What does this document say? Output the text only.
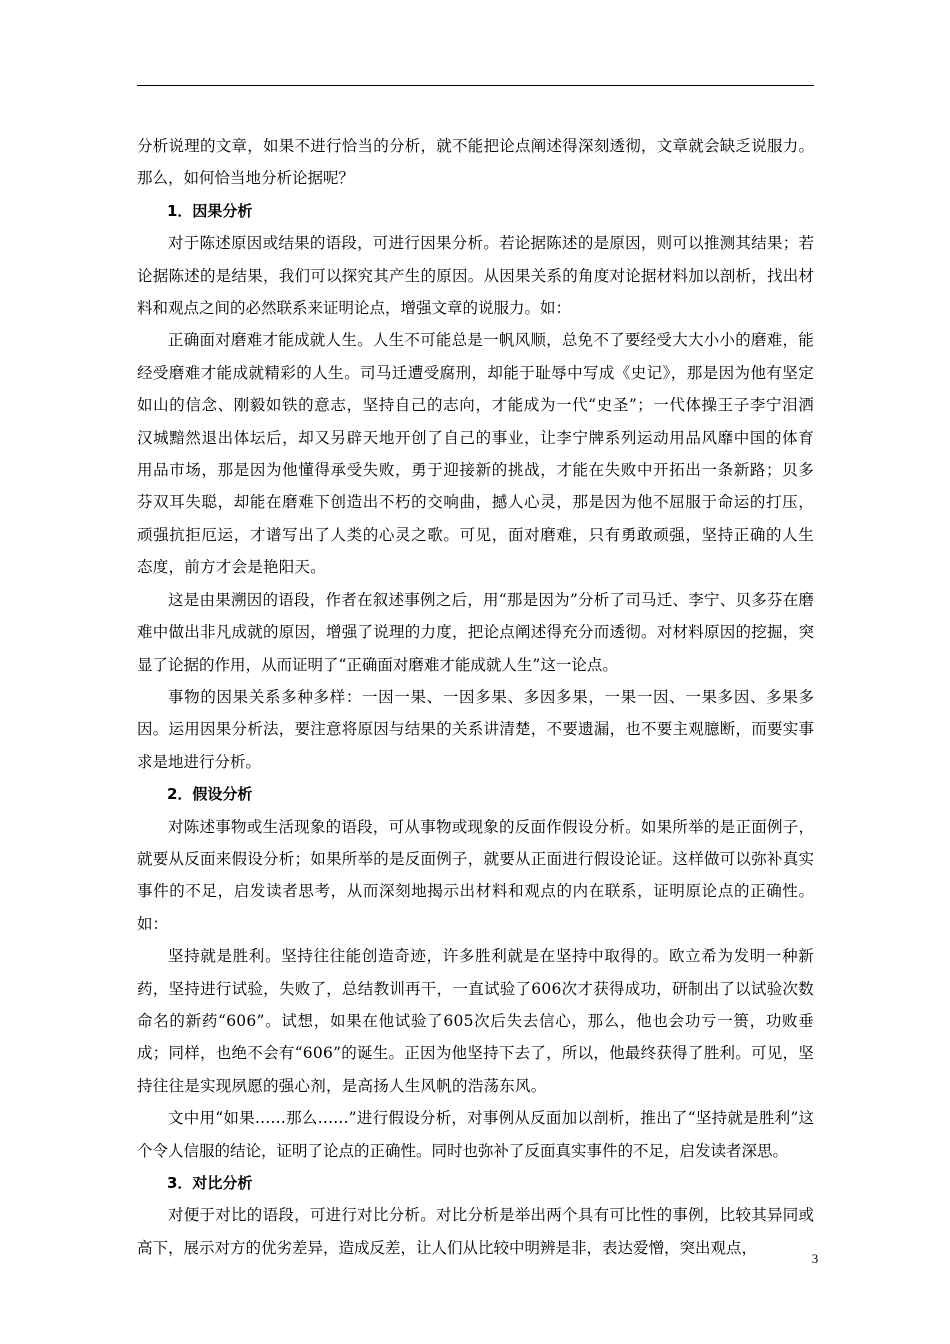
分析说理的文章，如果不进行恰当的分析，就不能把论点阐述得深刻透彻，文章就会缺乏说服力。那么，如何恰当地分析论据呢？

1．因果分析

对于陈述原因或结果的语段，可进行因果分析。若论据陈述的是原因，则可以推测其结果；若论据陈述的是结果，我们可以探究其产生的原因。从因果关系的角度对论据材料加以剖析，找出材料和观点之间的必然联系来证明论点，增强文章的说服力。如：

正确面对磨难才能成就人生。人生不可能总是一帆风顺，总免不了要经受大大小小的磨难，能经受磨难才能成就精彩的人生。司马迁遭受腐刑，却能于耻辱中写成《史记》，那是因为他有坚定如山的信念、刚毅如铁的意志，坚持自己的志向，才能成为一代“史圣”；一代体操王子李宁泪洒汉城黯然退出体坛后，却又另辟天地开创了自己的事业，让李宁牌系列运动用品风靡中国的体育用品市场，那是因为他懂得承受失败，勇于迎接新的挑战，才能在失败中开拓出一条新路；贝多芬双耳失聪，却能在磨难下创造出不朽的交响曲，撼人心灵，那是因为他不屈服于命运的打压，顽强抗拒厄运，才谱写出了人类的心灵之歌。可见，面对磨难，只有勇敢顽强，坚持正确的人生态度，前方才会是艳阳天。

这是由果溯因的语段，作者在叙述事例之后，用“那是因为”分析了司马迁、李宁、贝多芬在磨难中做出非凡成就的原因，增强了说理的力度，把论点阐述得充分而透彻。对材料原因的挖掘，突显了论据的作用，从而证明了“正确面对磨难才能成就人生”这一论点。

事物的因果关系多种多样：一因一果、一因多果、多因多果，一果一因、一果多因、多果多因。运用因果分析法，要注意将原因与结果的关系讲清楚，不要遗漏，也不要主观臆断，而要实事求是地进行分析。

2．假设分析

对陈述事物或生活现象的语段，可从事物或现象的反面作假设分析。如果所举的是正面例子，就要从反面来假设分析；如果所举的是反面例子，就要从正面进行假设论证。这样做可以弥补真实事件的不足，启发读者思考，从而深刻地揭示出材料和观点的内在联系，证明原论点的正确性。如：

坚持就是胜利。坚持往往能创造奇迹，许多胜利就是在坚持中取得的。欧立希为发明一种新药，坚持进行试验，失败了，总结教训再干，一直试验了606次才获得成功，研制出了以试验次数命名的新药“606”。试想，如果在他试验了605次后失去信心，那么，他也会功亏一篑，功败垂成；同样，也绝不会有“606”的诞生。正因为他坚持下去了，所以，他最终获得了胜利。可见，坚持往往是实现夙愿的强心剂，是高扬人生风帆的浩荡东风。

文中用“如果……那么……”进行假设分析，对事例从反面加以剖析，推出了“坚持就是胜利”这个令人信服的结论，证明了论点的正确性。同时也弥补了反面真实事件的不足，启发读者深思。

3．对比分析

对便于对比的语段，可进行对比分析。对比分析是举出两个具有可比性的事例，比较其异同或高下，展示对方的优劣差异，造成反差，让人们从比较中明辨是非，表达爱憎，突出观点，

3
